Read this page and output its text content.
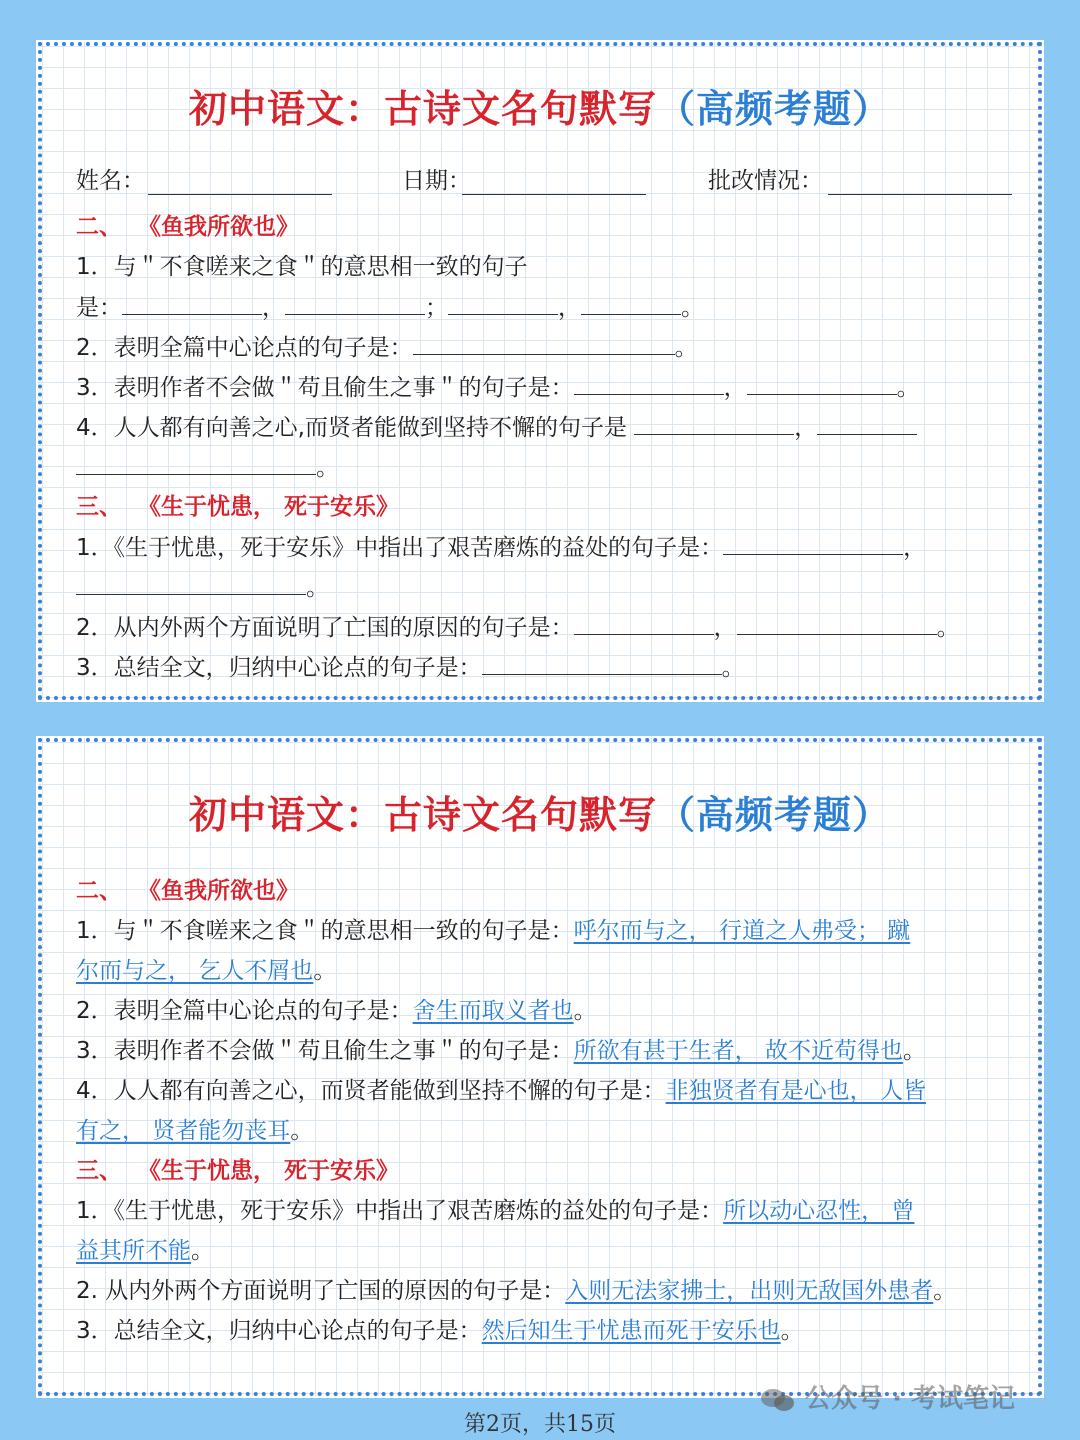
初中语文：古诗文名句默写（高频考题）
姓名：	日期：	批改情况：
二、 《鱼我所欲也》
1．与＂不食嗟来之食＂的意思相一致的句子
是：	，	；	，	。
2．表明全篇中心论点的句子是：	。
3．表明作者不会做＂苟且偷生之事＂的句子是：	，	。
4．人人都有向善之心,而贤者能做到坚持不懈的句子是	，
。
三、 《生于忧患， 死于安乐》
1．《生于忧患，死于安乐》中指出了艰苦磨炼的益处的句子是：	，
。
2．从内外两个方面说明了亡国的原因的句子是：	，	。
3．总结全文，归纳中心论点的句子是：	。
初中语文：古诗文名句默写（高频考题）
二、 《鱼我所欲也》
1．与＂不食嗟来之食＂的意思相一致的句子是：呼尔而与之， 行道之人弗受； 蹴
尔而与之， 乞人不屑也。
2．表明全篇中心论点的句子是：舍生而取义者也。
3．表明作者不会做＂苟且偷生之事＂的句子是：所欲有甚于生者， 故不近苟得也。
4．人人都有向善之心，而贤者能做到坚持不懈的句子是：非独贤者有是心也， 人皆
有之， 贤者能勿丧耳。
三、 《生于忧患， 死于安乐》
1．《生于忧患，死于安乐》中指出了艰苦磨炼的益处的句子是：所以动心忍性， 曾
益其所不能。
2. 从内外两个方面说明了亡国的原因的句子是：入则无法家拂士，出则无敌国外患者。
3．总结全文，归纳中心论点的句子是：然后知生于忧患而死于安乐也。
公众号 · 考试笔记
第2页，共15页
